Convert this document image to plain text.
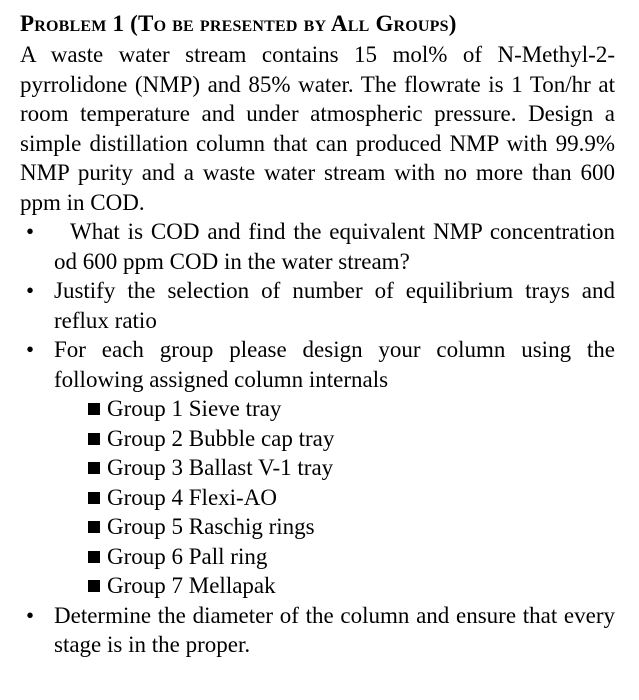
Problem 1 (To be presented by All Groups)

A waste water stream contains 15 mol% of N-Methyl-2-pyrrolidone (NMP) and 85% water. The flowrate is 1 Ton/hr at room temperature and under atmospheric pressure. Design a simple distillation column that can produced NMP with 99.9% NMP purity and a waste water stream with no more than 600 ppm in COD.

•	What is COD and find the equivalent NMP concentration od 600 ppm COD in the water stream?
• Justify the selection of number of equilibrium trays and reflux ratio
• For each group please design your column using the following assigned column internals
Group 1 Sieve tray
Group 2 Bubble cap tray
Group 3 Ballast V-1 tray
Group 4 Flexi-AO
Group 5 Raschig rings
Group 6 Pall ring
Group 7 Mellapak
• Determine the diameter of the column and ensure that every stage is in the proper.
